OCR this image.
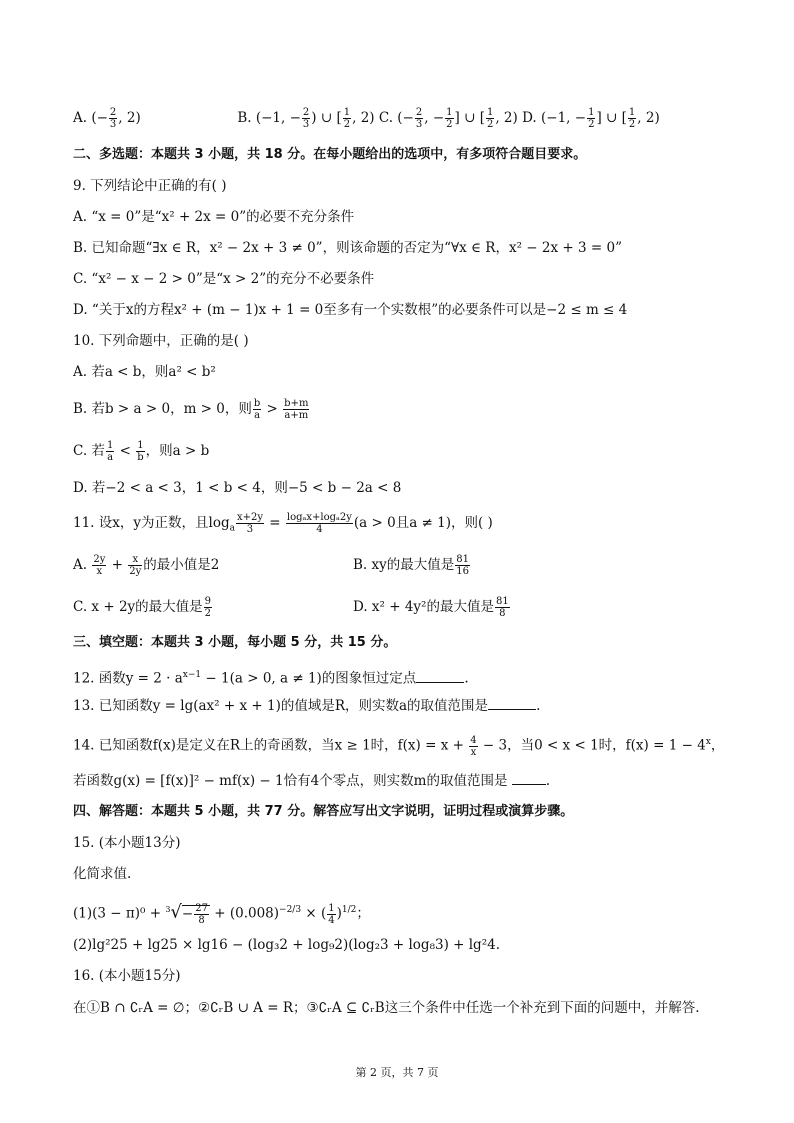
A. (− $\frac{2}{3}$ , 2)	B. (−1, − $\frac{2}{3}$ ) ∪ [ $\frac{1}{2}$ , 2) C. (− $\frac{2}{3}$ , − $\frac{1}{2}$ ] ∪ [ $\frac{1}{2}$ , 2) D. (−1, − $\frac{1}{2}$ ] ∪ [ $\frac{1}{2}$ , 2)
二、多选题：本题共 3 小题，共 18 分。在每小题给出的选项中，有多项符合题目要求。
9. 下列结论中正确的有( )
A. “x = 0”是“x² + 2x = 0”的必要不充分条件
B. 已知命题“∃x ∈ R，x² − 2x + 3 ≠ 0”，则该命题的否定为“∀x ∈ R，x² − 2x + 3 = 0”
C. “x² − x − 2 > 0”是“x > 2”的充分不必要条件
D. “关于x的方程x² + (m − 1)x + 1 = 0至多有一个实数根”的必要条件可以是−2 ≤ m ≤ 4
10. 下列命题中，正确的是( )
A. 若a < b，则a² < b²
B. 若b > a > 0，m > 0，则 $\frac{b}{a} > \frac{b+m}{a+m}$
C. 若 $\frac{1}{a} < \frac{1}{b}$ ，则a > b
D. 若−2 < a < 3，1 < b < 4，则−5 < b − 2a < 8
11. 设x，y为正数，且$\log_a \frac{x+2y}{3} = \frac{\text{logₐx+logₐ2y}}{4} (a > 0$且a ≠ 1)，则( )
A. $\frac{2y}{x} + \frac{x}{2y}$ 的最小值是2	B. xy的最大值是 $\frac{81}{16}$
C. x + 2y的最大值是 $\frac{9}{2}$	D. x² + 4y²的最大值是 $\frac{81}{8}$
三、填空题：本题共 3 小题，每小题 5 分，共 15 分。
12. 函数$y = 2 \cdot a^{x-1} - 1(a > 0$, a ≠ 1)的图象恒过定点	.
13. 已知函数y = lg(ax² + x + 1)的值域是R，则实数a的取值范围是	.
14. 已知函数f(x)是定义在R上的奇函数，当x ≥ 1时，$f(x) = x + \frac{4}{x} - 3$，当0 < x < 1时，$f(x) = 1 - 4^x$，
若函数g(x) = [f(x)]² − mf(x) − 1恰有4个零点，则实数m的取值范围是	.
四、解答题：本题共 5 小题，共 77 分。解答应写出文字说明，证明过程或演算步骤。
15. (本小题13分)
化简求值.
$(1)(3 - \pi)^0 + ^3√- \frac{27}{8} + (0.008)^{-2/3}$ × ( $\frac{1}{4} )^{1/2}$；
(2)lg²25 + lg25 × lg16 − (log₃2 + log₉2)(log₂3 + log₈3) + lg²4.
16. (本小题15分)
在①B ∩ ∁ᵣA = ∅；②∁ᵣB ∪ A = R；③∁ᵣA ⊆ ∁ᵣB这三个条件中任选一个补充到下面的问题中，并解答.
第 2 页，共 7 页
